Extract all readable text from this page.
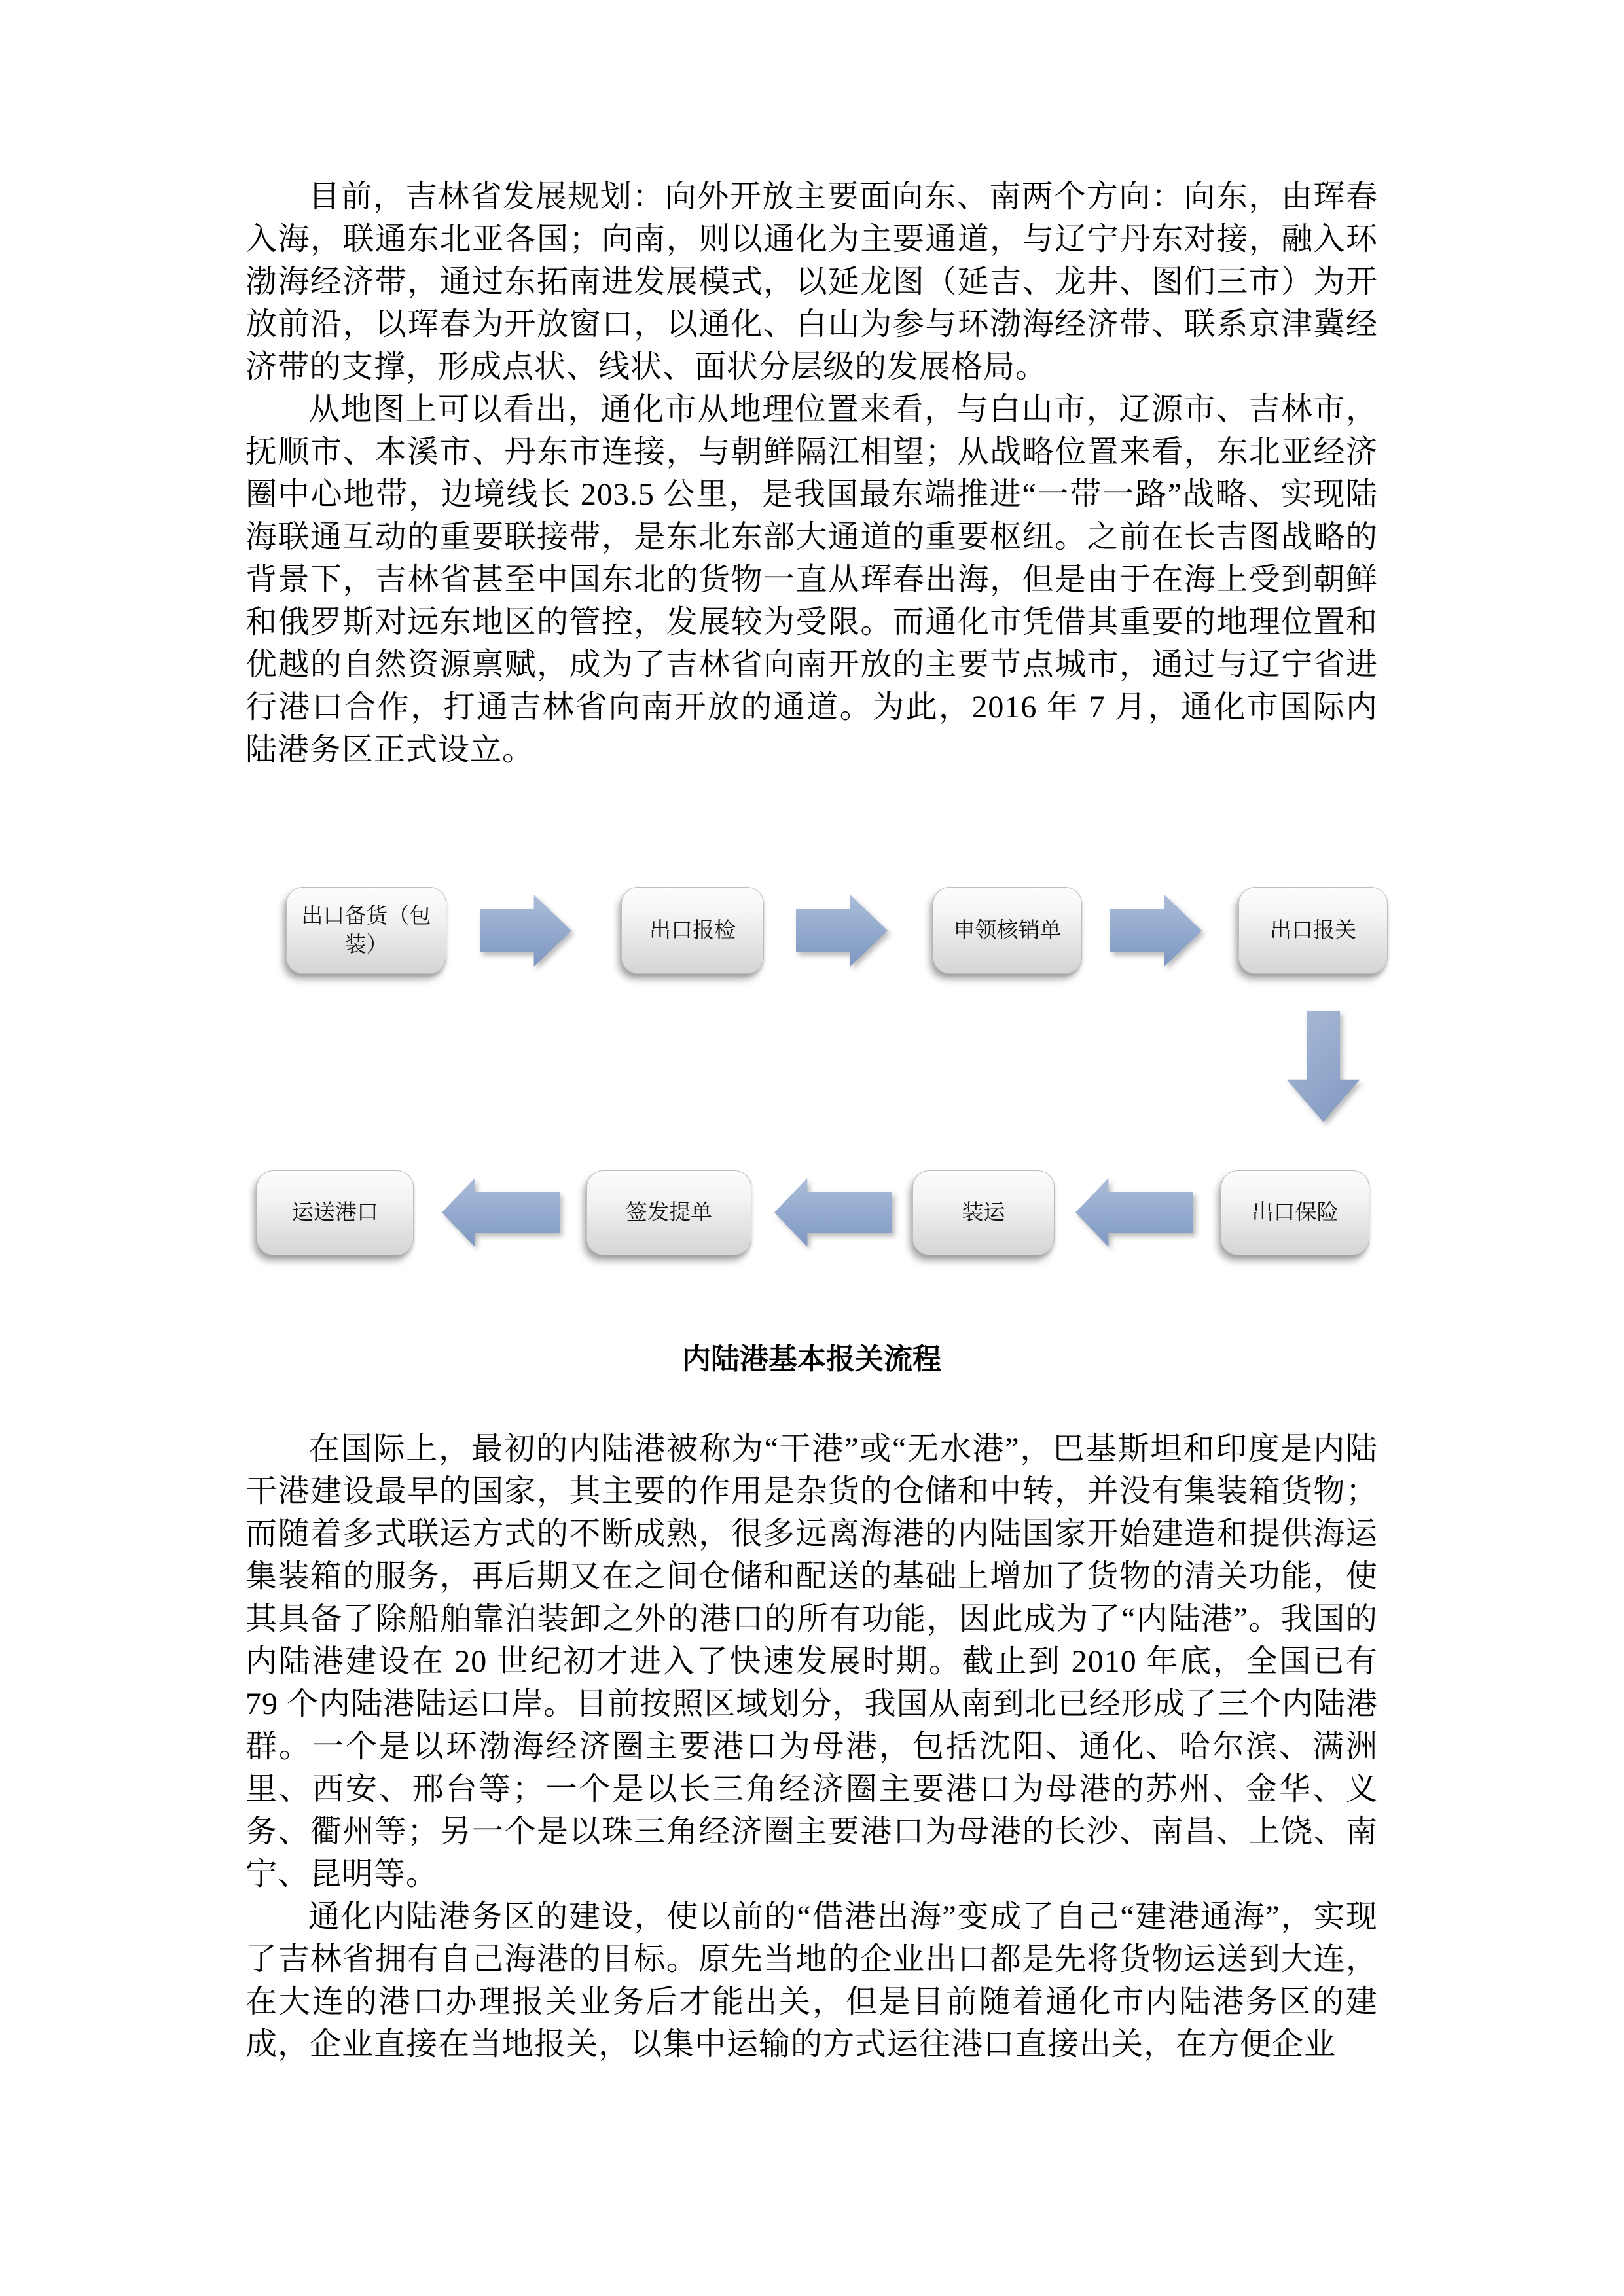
目前，吉林省发展规划：向外开放主要面向东、南两个方向：向东，由珲春入海，联通东北亚各国；向南，则以通化为主要通道，与辽宁丹东对接，融入环渤海经济带，通过东拓南进发展模式，以延龙图（延吉、龙井、图们三市）为开放前沿，以珲春为开放窗口，以通化、白山为参与环渤海经济带、联系京津冀经济带的支撑，形成点状、线状、面状分层级的发展格局。

从地图上可以看出，通化市从地理位置来看，与白山市，辽源市、吉林市，抚顺市、本溪市、丹东市连接，与朝鲜隔江相望；从战略位置来看，东北亚经济圈中心地带，边境线长 203.5 公里，是我国最东端推进“一带一路”战略、实现陆海联通互动的重要联接带，是东北东部大通道的重要枢纽。之前在长吉图战略的背景下，吉林省甚至中国东北的货物一直从珲春出海，但是由于在海上受到朝鲜和俄罗斯对远东地区的管控，发展较为受限。而通化市凭借其重要的地理位置和优越的自然资源禀赋，成为了吉林省向南开放的主要节点城市，通过与辽宁省进行港口合作，打通吉林省向南开放的通道。为此，2016 年 7 月，通化市国际内陆港务区正式设立。

出口备货（包装）
出口报检	申领核销单	出口报关
运送港口	签发提单	装运	出口保险
内陆港基本报关流程

在国际上，最初的内陆港被称为“干港”或“无水港”，巴基斯坦和印度是内陆干港建设最早的国家，其主要的作用是杂货的仓储和中转，并没有集装箱货物；而随着多式联运方式的不断成熟，很多远离海港的内陆国家开始建造和提供海运集装箱的服务，再后期又在之间仓储和配送的基础上增加了货物的清关功能，使其具备了除船舶靠泊装卸之外的港口的所有功能，因此成为了“内陆港”。我国的内陆港建设在 20 世纪初才进入了快速发展时期。截止到 2010 年底，全国已有 79 个内陆港陆运口岸。目前按照区域划分，我国从南到北已经形成了三个内陆港群。一个是以环渤海经济圈主要港口为母港，包括沈阳、通化、哈尔滨、满洲里、西安、邢台等；一个是以长三角经济圈主要港口为母港的苏州、金华、义务、衢州等；另一个是以珠三角经济圈主要港口为母港的长沙、南昌、上饶、南宁、昆明等。

通化内陆港务区的建设，使以前的“借港出海”变成了自己“建港通海”，实现了吉林省拥有自己海港的目标。原先当地的企业出口都是先将货物运送到大连，在大连的港口办理报关业务后才能出关，但是目前随着通化市内陆港务区的建成，企业直接在当地报关，以集中运输的方式运往港口直接出关，在方便企业
